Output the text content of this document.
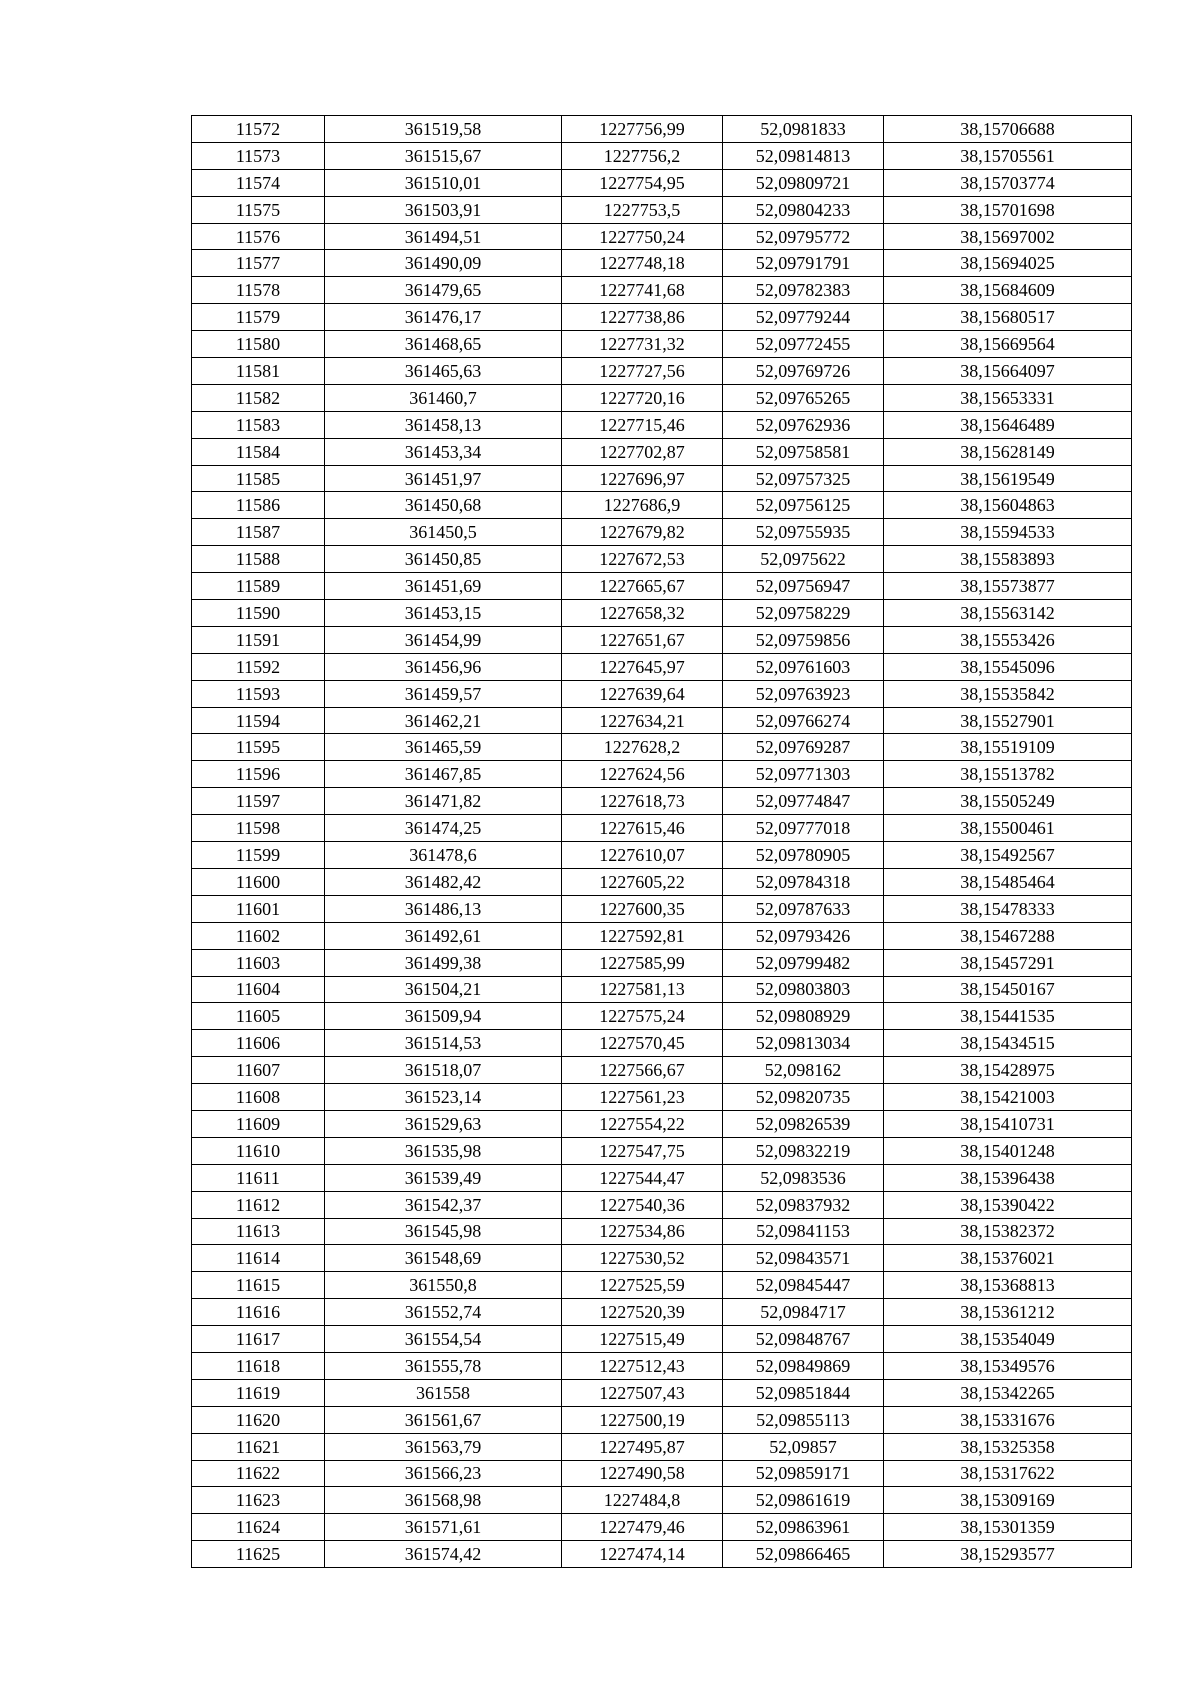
11572	361519,58	1227756,99	52,0981833	38,15706688
11573	361515,67	1227756,2	52,09814813	38,15705561
11574	361510,01	1227754,95	52,09809721	38,15703774
11575	361503,91	1227753,5	52,09804233	38,15701698
11576	361494,51	1227750,24	52,09795772	38,15697002
11577	361490,09	1227748,18	52,09791791	38,15694025
11578	361479,65	1227741,68	52,09782383	38,15684609
11579	361476,17	1227738,86	52,09779244	38,15680517
11580	361468,65	1227731,32	52,09772455	38,15669564
11581	361465,63	1227727,56	52,09769726	38,15664097
11582	361460,7	1227720,16	52,09765265	38,15653331
11583	361458,13	1227715,46	52,09762936	38,15646489
11584	361453,34	1227702,87	52,09758581	38,15628149
11585	361451,97	1227696,97	52,09757325	38,15619549
11586	361450,68	1227686,9	52,09756125	38,15604863
11587	361450,5	1227679,82	52,09755935	38,15594533
11588	361450,85	1227672,53	52,0975622	38,15583893
11589	361451,69	1227665,67	52,09756947	38,15573877
11590	361453,15	1227658,32	52,09758229	38,15563142
11591	361454,99	1227651,67	52,09759856	38,15553426
11592	361456,96	1227645,97	52,09761603	38,15545096
11593	361459,57	1227639,64	52,09763923	38,15535842
11594	361462,21	1227634,21	52,09766274	38,15527901
11595	361465,59	1227628,2	52,09769287	38,15519109
11596	361467,85	1227624,56	52,09771303	38,15513782
11597	361471,82	1227618,73	52,09774847	38,15505249
11598	361474,25	1227615,46	52,09777018	38,15500461
11599	361478,6	1227610,07	52,09780905	38,15492567
11600	361482,42	1227605,22	52,09784318	38,15485464
11601	361486,13	1227600,35	52,09787633	38,15478333
11602	361492,61	1227592,81	52,09793426	38,15467288
11603	361499,38	1227585,99	52,09799482	38,15457291
11604	361504,21	1227581,13	52,09803803	38,15450167
11605	361509,94	1227575,24	52,09808929	38,15441535
11606	361514,53	1227570,45	52,09813034	38,15434515
11607	361518,07	1227566,67	52,098162	38,15428975
11608	361523,14	1227561,23	52,09820735	38,15421003
11609	361529,63	1227554,22	52,09826539	38,15410731
11610	361535,98	1227547,75	52,09832219	38,15401248
11611	361539,49	1227544,47	52,0983536	38,15396438
11612	361542,37	1227540,36	52,09837932	38,15390422
11613	361545,98	1227534,86	52,09841153	38,15382372
11614	361548,69	1227530,52	52,09843571	38,15376021
11615	361550,8	1227525,59	52,09845447	38,15368813
11616	361552,74	1227520,39	52,0984717	38,15361212
11617	361554,54	1227515,49	52,09848767	38,15354049
11618	361555,78	1227512,43	52,09849869	38,15349576
11619	361558	1227507,43	52,09851844	38,15342265
11620	361561,67	1227500,19	52,09855113	38,15331676
11621	361563,79	1227495,87	52,09857	38,15325358
11622	361566,23	1227490,58	52,09859171	38,15317622
11623	361568,98	1227484,8	52,09861619	38,15309169
11624	361571,61	1227479,46	52,09863961	38,15301359
11625	361574,42	1227474,14	52,09866465	38,15293577
